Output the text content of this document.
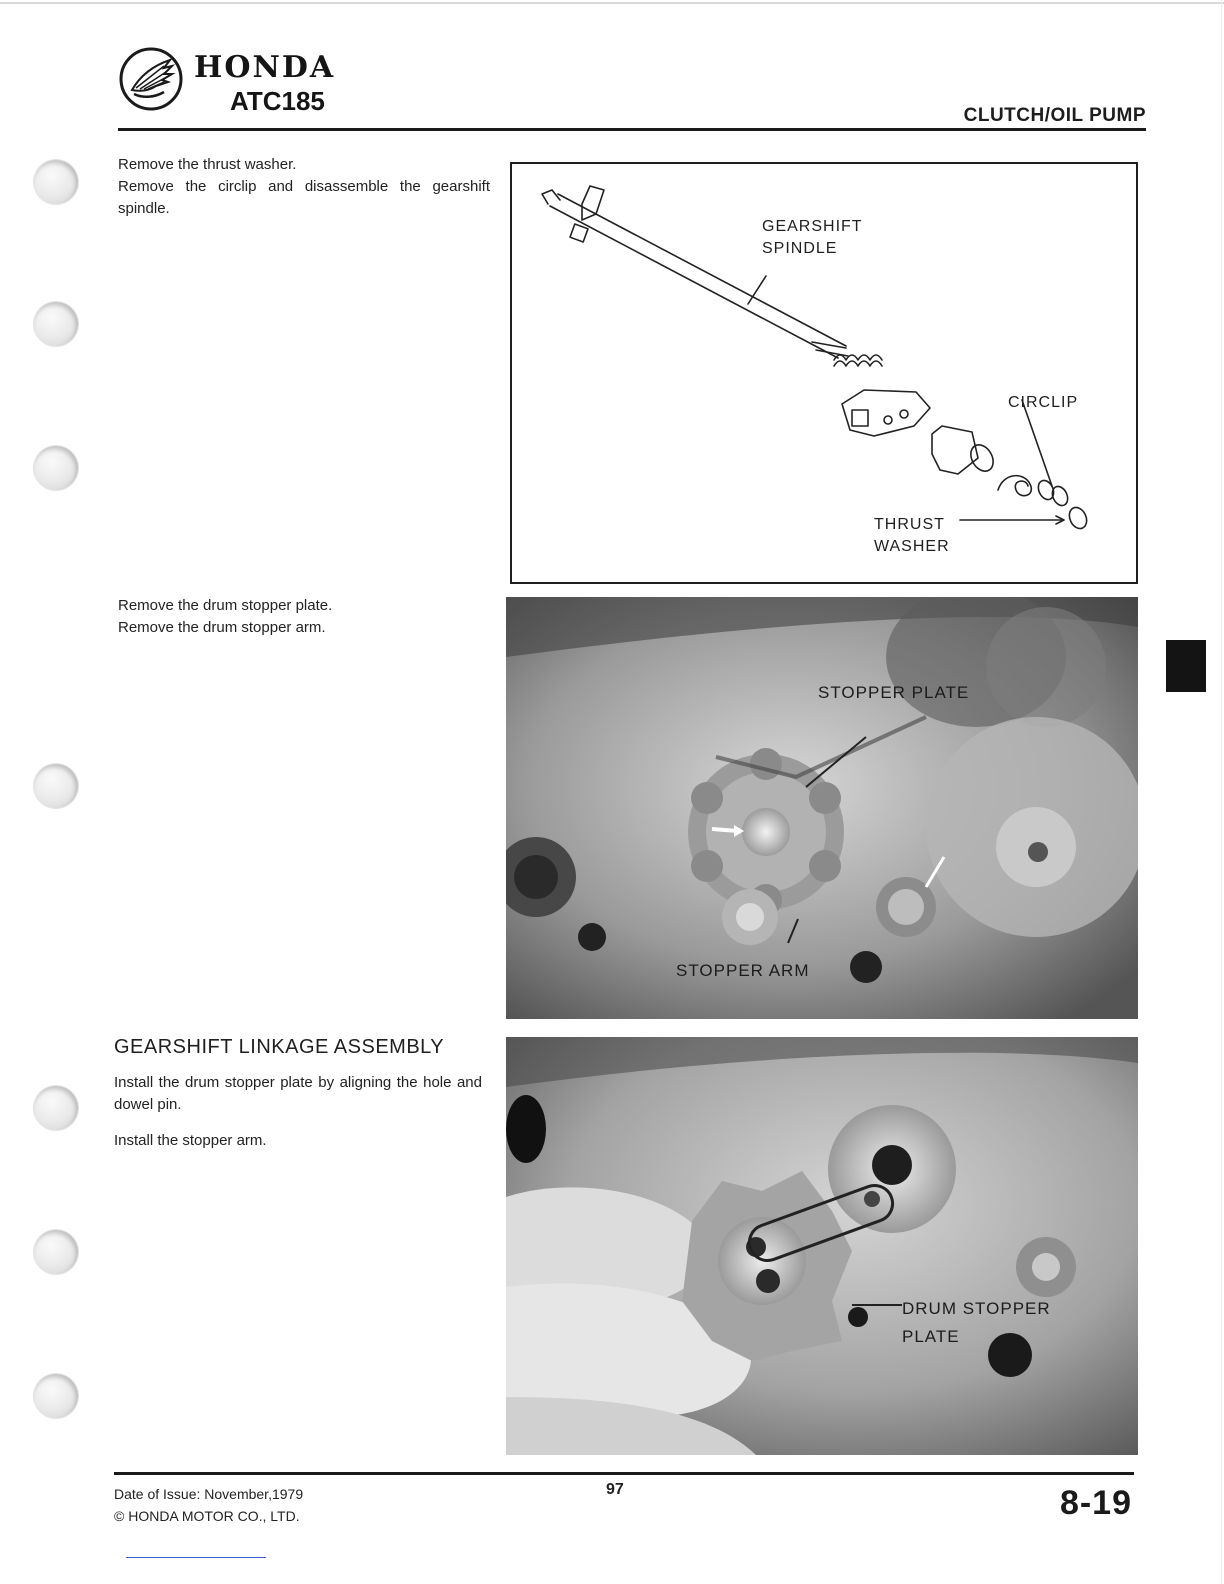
HONDA
ATC185	CLUTCH/OIL PUMP

Remove the thrust washer.

Remove the circlip and disassemble the gearshift spindle.

GEARSHIFT
SPINDLE
CIRCLIP
THRUST
WASHER

Remove the drum stopper plate.

Remove the drum stopper arm.

STOPPER PLATE
STOPPER ARM
GEARSHIFT LINKAGE ASSEMBLY

Install the drum stopper plate by aligning the hole and dowel pin.

Install the stopper arm.

DRUM STOPPER
PLATE
Date of Issue: November,1979
© HONDA MOTOR CO., LTD.
97	8-19
